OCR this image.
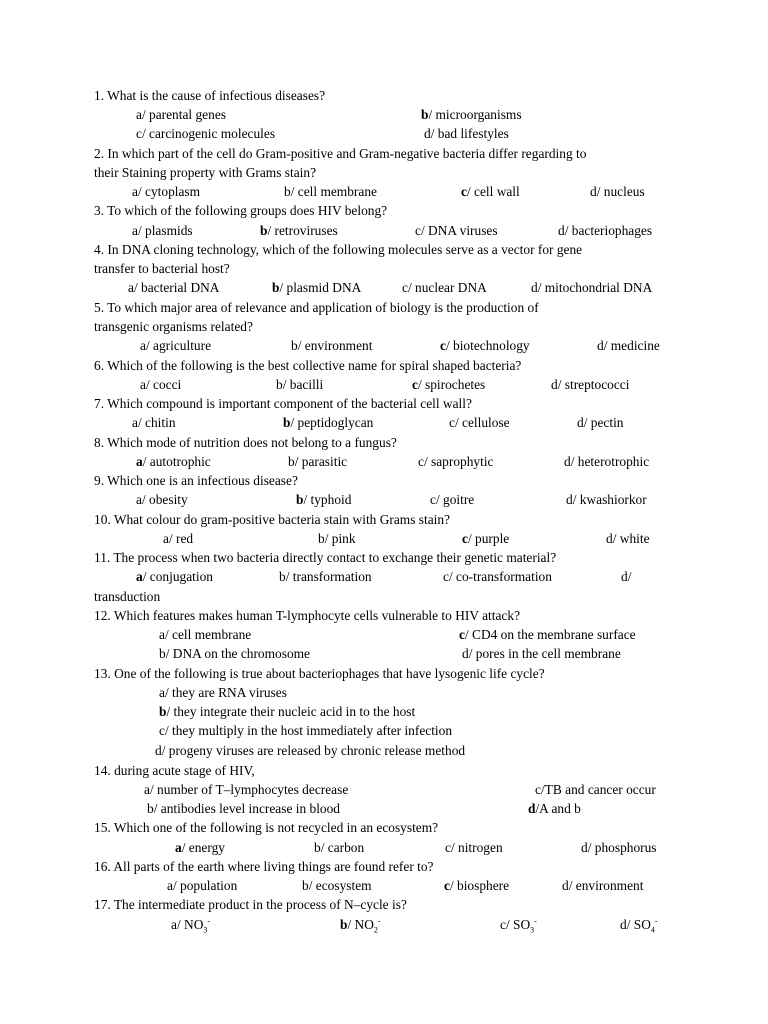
1. What is the cause of infectious diseases?
a/ parental genes	b/ microorganisms
c/ carcinogenic molecules	d/ bad lifestyles
2. In which part of the cell do Gram-positive and Gram-negative bacteria differ regarding to
their Staining property with Grams stain?
a/ cytoplasm	b/ cell membrane	c/ cell wall	d/ nucleus
3. To which of the following groups does HIV belong?
a/ plasmids	b/ retroviruses	c/ DNA viruses	d/ bacteriophages
4. In DNA cloning technology, which of the following molecules serve as a vector for gene
transfer to bacterial host?
a/ bacterial DNA	b/ plasmid DNA	c/ nuclear DNA	d/ mitochondrial DNA
5. To which major area of relevance and application of biology is the production of
transgenic organisms related?
a/ agriculture	b/ environment	c/ biotechnology	d/ medicine
6. Which of the following is the best collective name for spiral shaped bacteria?
a/ cocci	b/ bacilli	c/ spirochetes	d/ streptococci
7. Which compound is important component of the bacterial cell wall?
a/ chitin	b/ peptidoglycan	c/ cellulose	d/ pectin
8. Which mode of nutrition does not belong to a fungus?
a/ autotrophic	b/ parasitic	c/ saprophytic	d/ heterotrophic
9. Which one is an infectious disease?
a/ obesity	b/ typhoid	c/ goitre	d/ kwashiorkor
10. What colour do gram-positive bacteria stain with Grams stain?
a/ red	b/ pink	c/ purple	d/ white
11. The process when two bacteria directly contact to exchange their genetic material?
a/ conjugation	b/ transformation	c/ co-transformation	d/
transduction
12. Which features makes human T-lymphocyte cells vulnerable to HIV attack?
a/ cell membrane	c/ CD4 on the membrane surface
b/ DNA on the chromosome	d/ pores in the cell membrane
13. One of the following is true about bacteriophages that have lysogenic life cycle?
a/ they are RNA viruses
b/ they integrate their nucleic acid in to the host
c/ they multiply in the host immediately after infection
d/ progeny viruses are released by chronic release method
14. during acute stage of HIV,
a/ number of T–lymphocytes decrease	c/TB and cancer occur
b/ antibodies level increase in blood	d/A and b
15. Which one of the following is not recycled in an ecosystem?
a/ energy	b/ carbon	c/ nitrogen	d/ phosphorus
16. All parts of the earth where living things are found refer to?
a/ population	b/ ecosystem	c/ biosphere	d/ environment
17. The intermediate product in the process of N–cycle is?
a/ $NO_3^-$	b/ $NO_2^-$	c/ $SO_3^-$	d/ $SO_4^-$
